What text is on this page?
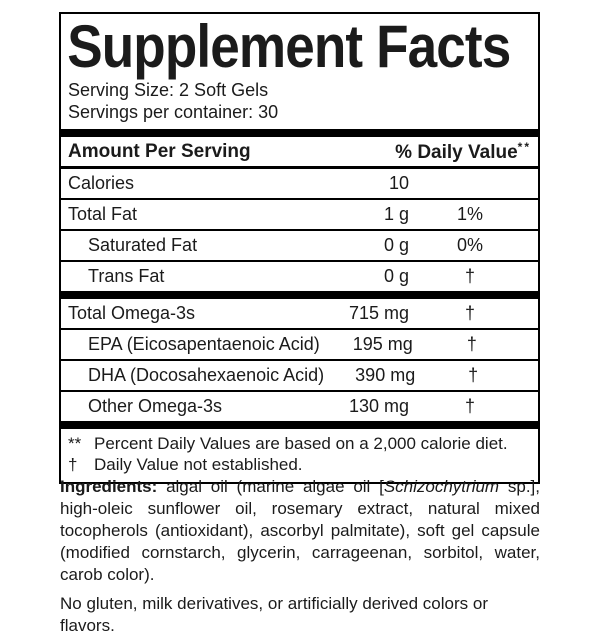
Supplement Facts
Serving Size: 2 Soft Gels
Servings per container: 30
Amount Per Serving	% Daily Value**
Calories	10
Total Fat	1 g	1%
Saturated Fat	0 g	0%
Trans Fat	0 g	†
Total Omega-3s	715 mg	†
EPA (Eicosapentaenoic Acid)	195 mg	†
DHA (Docosahexaenoic Acid)	390 mg	†
Other Omega-3s	130 mg	†
** Percent Daily Values are based on a 2,000 calorie diet.
† Daily Value not established.

Ingredients: algal oil (marine algae oil [Schizochytrium sp.], high-oleic sunflower oil, rosemary extract, natural mixed tocopherols (antioxidant), ascorbyl palmitate), soft gel capsule (modified cornstarch, glycerin, carrageenan, sorbitol, water, carob color).

No gluten, milk derivatives, or artificially derived colors or flavors.
